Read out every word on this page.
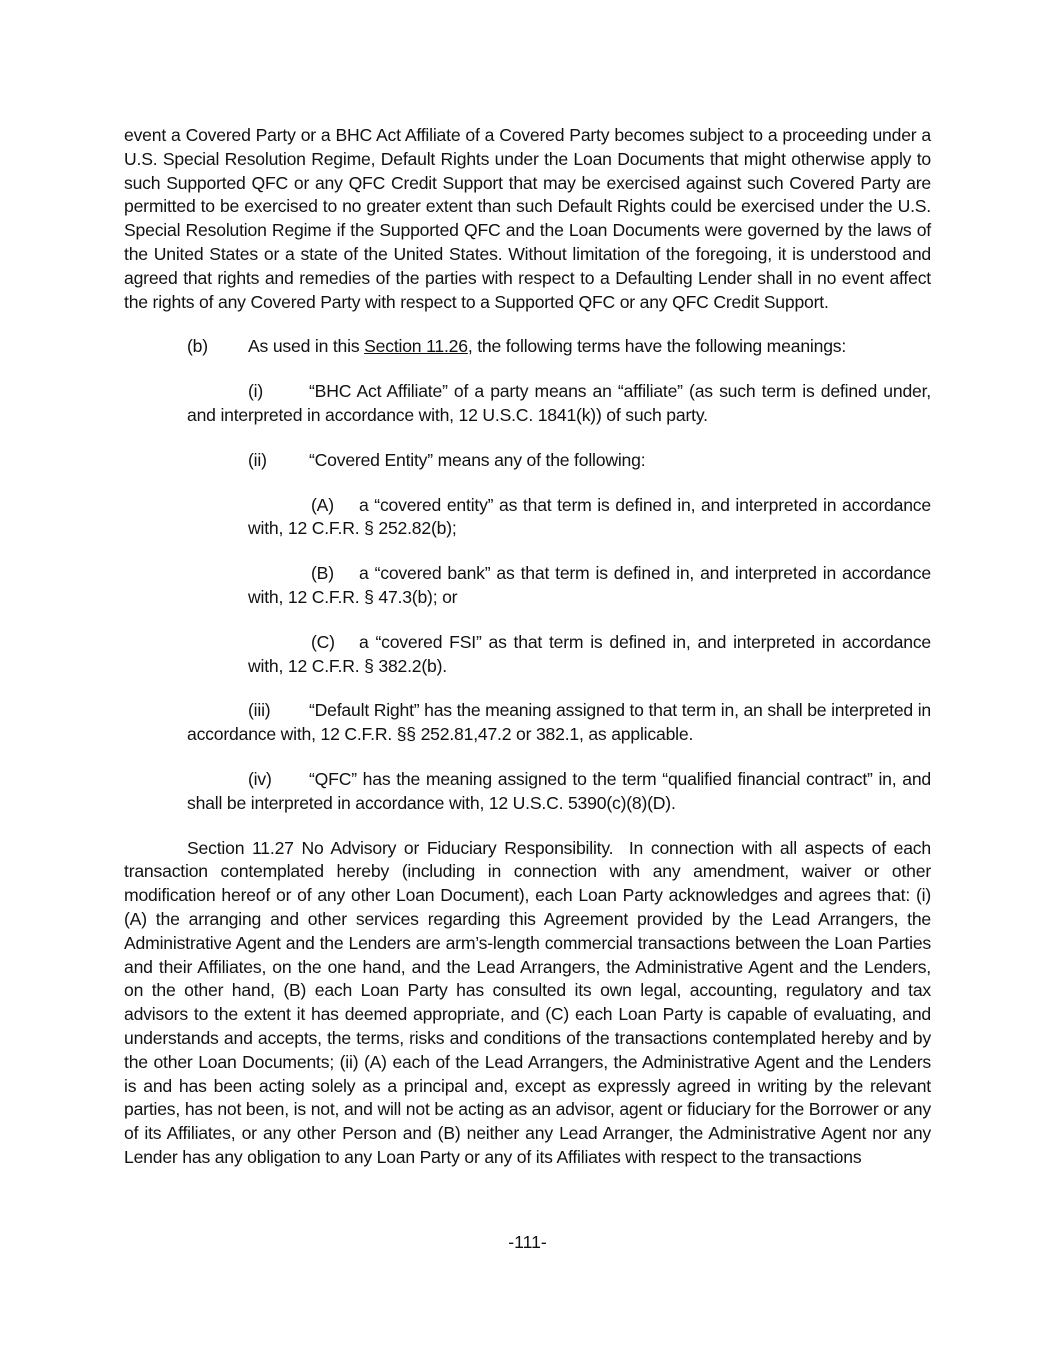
event a Covered Party or a BHC Act Affiliate of a Covered Party becomes subject to a proceeding under a U.S. Special Resolution Regime, Default Rights under the Loan Documents that might otherwise apply to such Supported QFC or any QFC Credit Support that may be exercised against such Covered Party are permitted to be exercised to no greater extent than such Default Rights could be exercised under the U.S. Special Resolution Regime if the Supported QFC and the Loan Documents were governed by the laws of the United States or a state of the United States. Without limitation of the foregoing, it is understood and agreed that rights and remedies of the parties with respect to a Defaulting Lender shall in no event affect the rights of any Covered Party with respect to a Supported QFC or any QFC Credit Support.

(b) As used in this Section 11.26, the following terms have the following meanings:

(i)	“BHC Act Affiliate” of a party means an “affiliate” (as such term is defined under, and interpreted in accordance with, 12 U.S.C. 1841(k)) of such party.

(ii) “Covered Entity” means any of the following:

(A) a “covered entity” as that term is defined in, and interpreted in accordance with, 12 C.F.R. § 252.82(b);

(B) a “covered bank” as that term is defined in, and interpreted in accordance with, 12 C.F.R. § 47.3(b); or

(C) a “covered FSI” as that term is defined in, and interpreted in accordance with, 12 C.F.R. § 382.2(b).

(iii) “Default Right” has the meaning assigned to that term in, an shall be interpreted in accordance with, 12 C.F.R. §§ 252.81,47.2 or 382.1, as applicable.

(iv) “QFC” has the meaning assigned to the term “qualified financial contract” in, and shall be interpreted in accordance with, 12 U.S.C. 5390(c)(8)(D).

Section 11.27 No Advisory or Fiduciary Responsibility. In connection with all aspects of each transaction contemplated hereby (including in connection with any amendment, waiver or other modification hereof or of any other Loan Document), each Loan Party acknowledges and agrees that: (i) (A) the arranging and other services regarding this Agreement provided by the Lead Arrangers, the Administrative Agent and the Lenders are arm’s-length commercial transactions between the Loan Parties and their Affiliates, on the one hand, and the Lead Arrangers, the Administrative Agent and the Lenders, on the other hand, (B) each Loan Party has consulted its own legal, accounting, regulatory and tax advisors to the extent it has deemed appropriate, and (C) each Loan Party is capable of evaluating, and understands and accepts, the terms, risks and conditions of the transactions contemplated hereby and by the other Loan Documents; (ii) (A) each of the Lead Arrangers, the Administrative Agent and the Lenders is and has been acting solely as a principal and, except as expressly agreed in writing by the relevant parties, has not been, is not, and will not be acting as an advisor, agent or fiduciary for the Borrower or any of its Affiliates, or any other Person and (B) neither any Lead Arranger, the Administrative Agent nor any Lender has any obligation to any Loan Party or any of its Affiliates with respect to the transactions

-111-
